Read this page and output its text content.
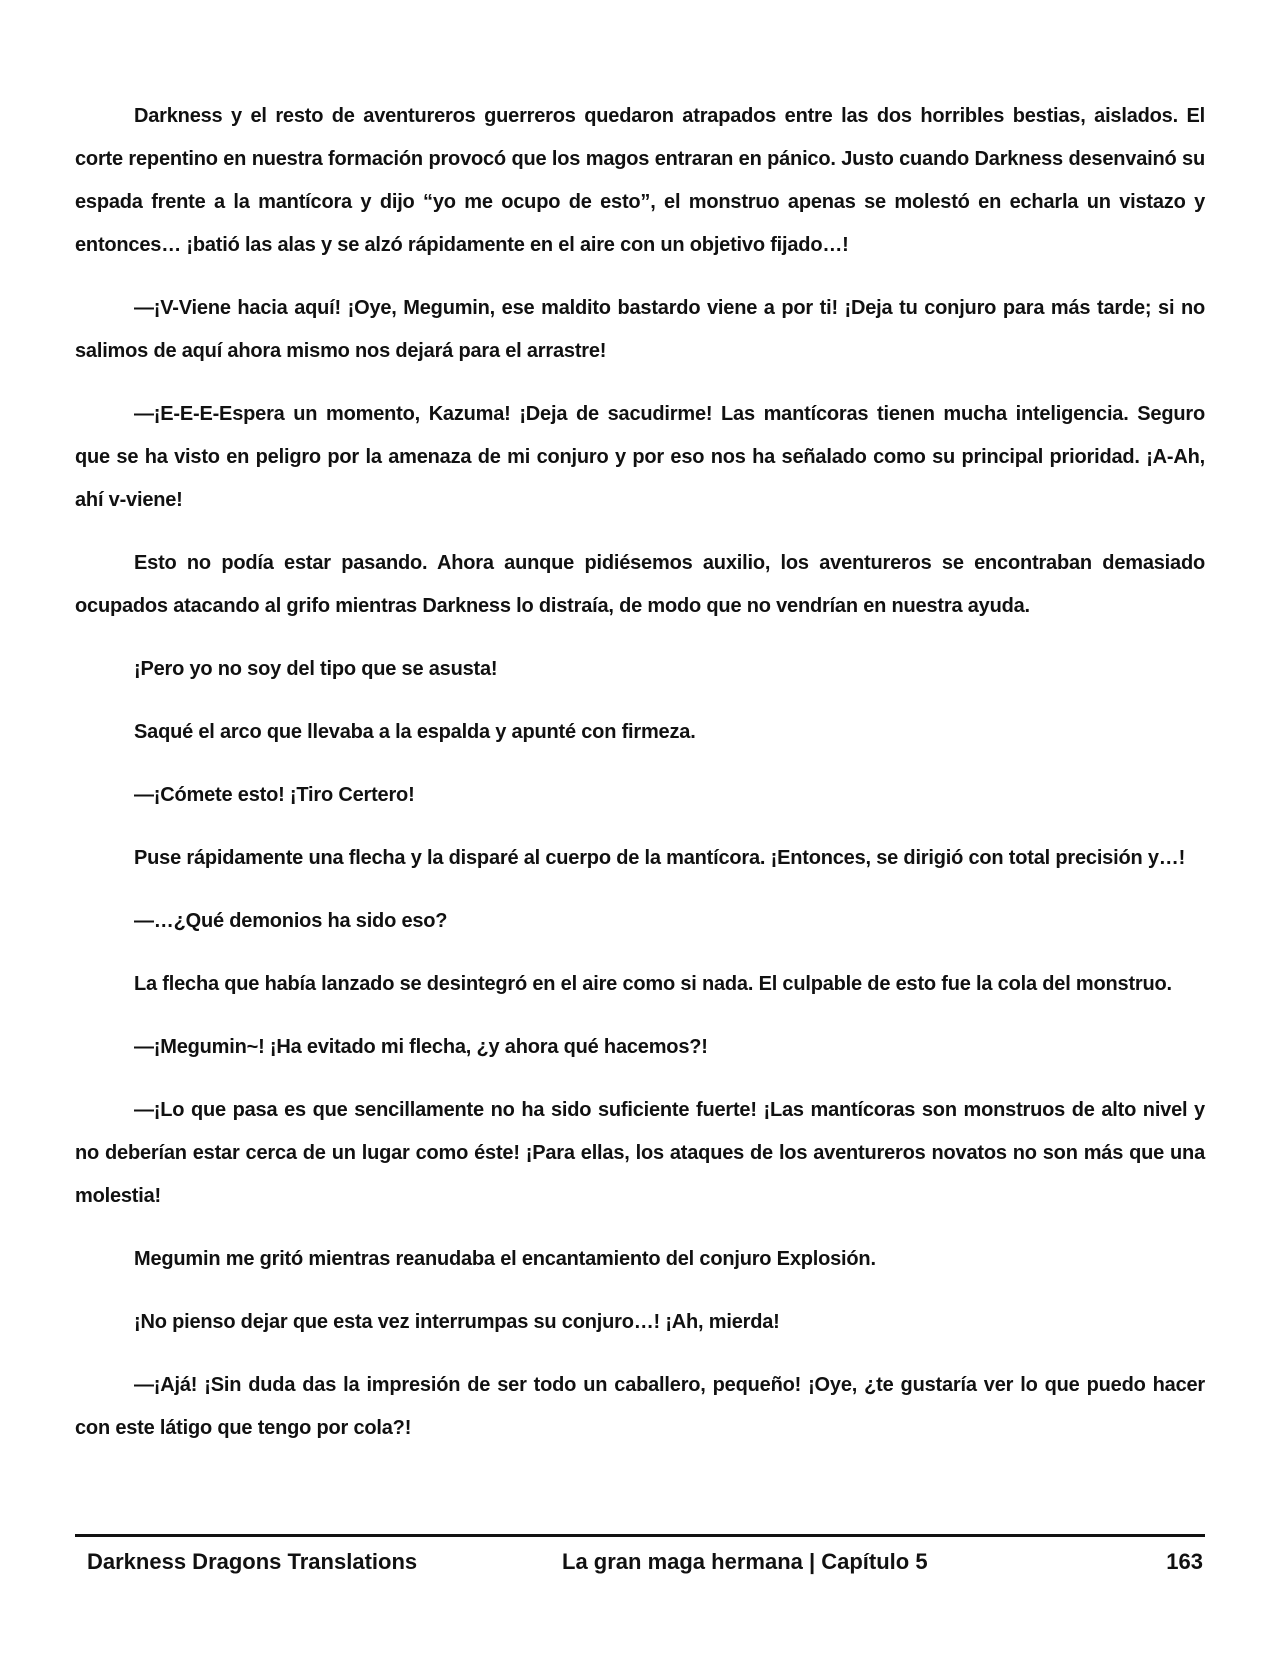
Darkness y el resto de aventureros guerreros quedaron atrapados entre las dos horribles bestias, aislados. El corte repentino en nuestra formación provocó que los magos entraran en pánico. Justo cuando Darkness desenvainó su espada frente a la mantícora y dijo “yo me ocupo de esto”, el monstruo apenas se molestó en echarla un vistazo y entonces… ¡batió las alas y se alzó rápidamente en el aire con un objetivo fijado…!

—¡V-Viene hacia aquí! ¡Oye, Megumin, ese maldito bastardo viene a por ti! ¡Deja tu conjuro para más tarde; si no salimos de aquí ahora mismo nos dejará para el arrastre!

—¡E-E-E-Espera un momento, Kazuma! ¡Deja de sacudirme! Las mantícoras tienen mucha inteligencia. Seguro que se ha visto en peligro por la amenaza de mi conjuro y por eso nos ha señalado como su principal prioridad. ¡A-Ah, ahí v-viene!

Esto no podía estar pasando. Ahora aunque pidiésemos auxilio, los aventureros se encontraban demasiado ocupados atacando al grifo mientras Darkness lo distraía, de modo que no vendrían en nuestra ayuda.

¡Pero yo no soy del tipo que se asusta!

Saqué el arco que llevaba a la espalda y apunté con firmeza.

—¡Cómete esto! ¡Tiro Certero!

Puse rápidamente una flecha y la disparé al cuerpo de la mantícora. ¡Entonces, se dirigió con total precisión y…!

—…¿Qué demonios ha sido eso?

La flecha que había lanzado se desintegró en el aire como si nada. El culpable de esto fue la cola del monstruo.

—¡Megumin~! ¡Ha evitado mi flecha, ¿y ahora qué hacemos?!

—¡Lo que pasa es que sencillamente no ha sido suficiente fuerte! ¡Las mantícoras son monstruos de alto nivel y no deberían estar cerca de un lugar como éste! ¡Para ellas, los ataques de los aventureros novatos no son más que una molestia!

Megumin me gritó mientras reanudaba el encantamiento del conjuro Explosión.

¡No pienso dejar que esta vez interrumpas su conjuro…! ¡Ah, mierda!

—¡Ajá! ¡Sin duda das la impresión de ser todo un caballero, pequeño! ¡Oye, ¿te gustaría ver lo que puedo hacer con este látigo que tengo por cola?!

Darkness Dragons Translations	La gran maga hermana | Capítulo 5	163
